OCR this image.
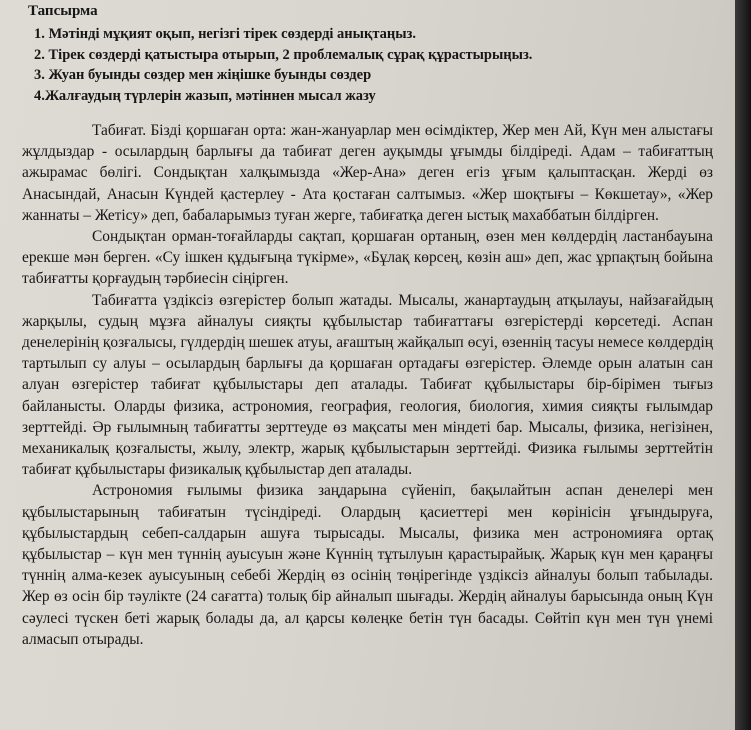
Тапсырма
1. Мәтінді мұқият оқып, негізгі тірек сөздерді анықтаңыз.
2. Тірек сөздерді қатыстыра отырып, 2 проблемалық сұрақ құрастырыңыз.
3. Жуан буынды сөздер мен жіңішке буынды сөздер
4.Жалғаудың түрлерін жазып, мәтіннен мысал жазу

Табиғат. Бізді қоршаған орта: жан-жануарлар мен өсімдіктер, Жер мен Ай, Күн мен алыстағы жұлдыздар - осылардың барлығы да табиғат деген ауқымды ұғымды білдіреді. Адам – табиғаттың ажырамас бөлігі. Сондықтан халқымызда «Жер-Ана» деген егіз ұғым қалыптасқан. Жерді өз Анасындай, Анасын Күндей қастерлеу - Ата қостаған салтымыз. «Жер шоқтығы – Көкшетау», «Жер жаннаты – Жетісу» деп, бабаларымыз туған жерге, табиғатқа деген ыстық махаббатын білдірген.

Сондықтан орман-тоғайларды сақтап, қоршаған ортаның, өзен мен көлдердің ластанбауына ерекше мән берген. «Су ішкен құдығыңа түкірме», «Бұлақ көрсең, көзін аш» деп, жас ұрпақтың бойына табиғатты қорғаудың тәрбиесін сіңірген.

Табиғатта үздіксіз өзгерістер болып жатады. Мысалы, жанартаудың атқылауы, найзағайдың жарқылы, судың мұзға айналуы сияқты құбылыстар табиғаттағы өзгерістерді көрсетеді. Аспан денелерінің қозғалысы, гүлдердің шешек атуы, ағаштың жайқалып өсуі, өзеннің тасуы немесе көлдердің тартылып су алуы – осылардың барлығы да қоршаған ортадағы өзгерістер. Әлемде орын алатын сан алуан өзгерістер табиғат құбылыстары деп аталады. Табиғат құбылыстары бір-бірімен тығыз байланысты. Оларды физика, астрономия, география, геология, биология, химия сияқты ғылымдар зерттейді. Әр ғылымның табиғатты зерттеуде өз мақсаты мен міндеті бар. Мысалы, физика, негізінен, механикалық қозғалысты, жылу, электр, жарық құбылыстарын зерттейді. Физика ғылымы зерттейтін табиғат құбылыстары физикалық құбылыстар деп аталады.

Астрономия ғылымы физика заңдарына сүйеніп, бақылайтын аспан денелері мен құбылыстарының табиғатын түсіндіреді. Олардың қасиеттері мен көрінісін ұғындыруға, құбылыстардың себеп-салдарын ашуға тырысады. Мысалы, физика мен астрономияға ортақ құбылыстар – күн мен түннің ауысуын және Күннің тұтылуын қарастырайық. Жарық күн мен қараңғы түннің алма-кезек ауысуының себебі Жердің өз осінің төңірегінде үздіксіз айналуы болып табылады. Жер өз осін бір тәулікте (24 сағатта) толық бір айналып шығады. Жердің айналуы барысында оның Күн сәулесі түскен беті жарық болады да, ал қарсы көлеңке бетін түн басады. Сөйтіп күн мен түн үнемі алмасып отырады.
